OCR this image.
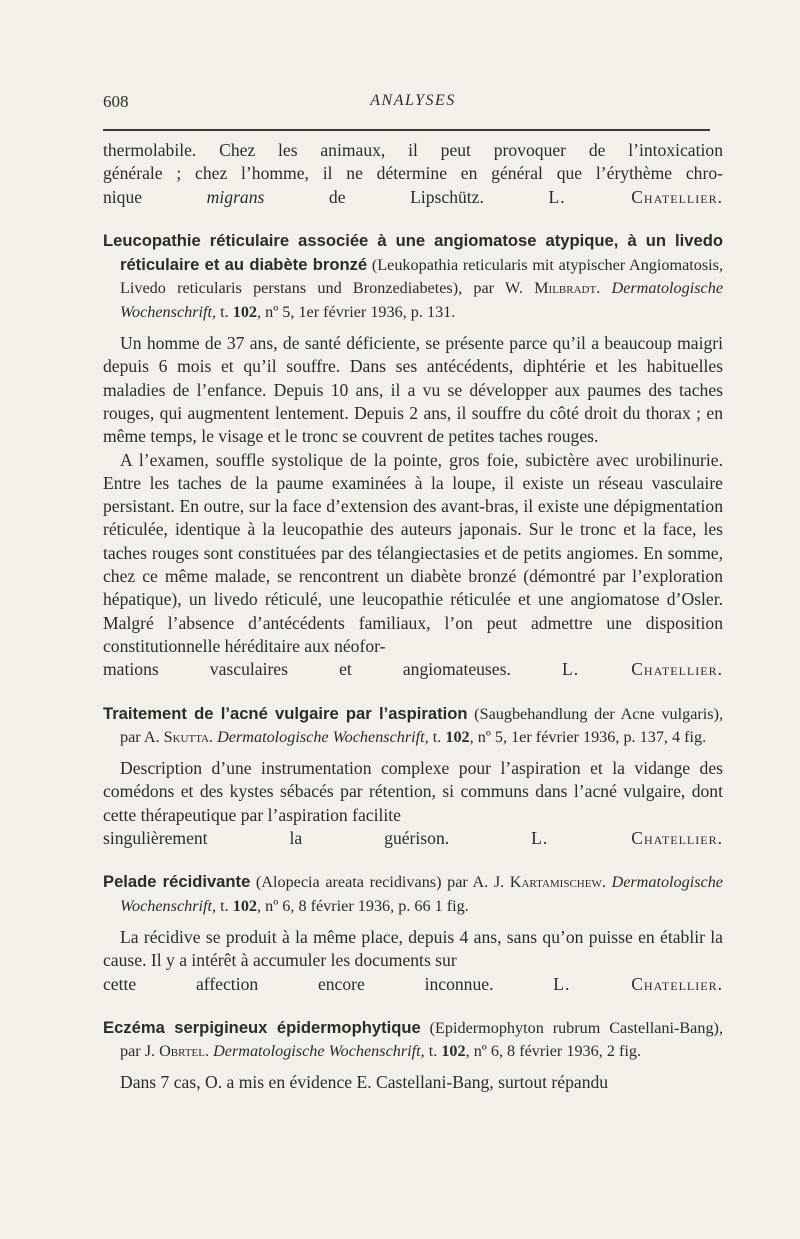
608	ANALYSES

thermolabile. Chez les animaux, il peut provoquer de l’intoxication

générale ; chez l’homme, il ne détermine en général que l’érythème chro-

nique migrans de Lipschütz.	L. Chatellier.

Leucopathie réticulaire associée à une angiomatose atypique, à un livedo réticulaire et au diabète bronzé (Leukopathia reticularis mit atypischer Angiomatosis, Livedo reticularis perstans und Bronzediabetes), par W. Milbradt. Dermatologische Wochenschrift, t. 102, nº 5, 1er février 1936, p. 131.

Un homme de 37 ans, de santé déficiente, se présente parce qu’il a beaucoup maigri depuis 6 mois et qu’il souffre. Dans ses antécédents, diphtérie et les habituelles maladies de l’enfance. Depuis 10 ans, il a vu se développer aux paumes des taches rouges, qui augmentent lentement. Depuis 2 ans, il souffre du côté droit du thorax ; en même temps, le visage et le tronc se couvrent de petites taches rouges.

A l’examen, souffle systolique de la pointe, gros foie, subictère avec urobilinurie. Entre les taches de la paume examinées à la loupe, il existe un réseau vasculaire persistant. En outre, sur la face d’extension des avant-bras, il existe une dépigmentation réticulée, identique à la leucopathie des auteurs japonais. Sur le tronc et la face, les taches rouges sont constituées par des télangiectasies et de petits angiomes. En somme, chez ce même malade, se rencontrent un diabète bronzé (démontré par l’exploration hépatique), un livedo réticulé, une leucopathie réticulée et une angiomatose d’Osler. Malgré l’absence d’antécédents familiaux, l’on peut admettre une disposition constitutionnelle héréditaire aux néofor-

mations vasculaires et angiomateuses.	L. Chatellier.

Traitement de l’acné vulgaire par l’aspiration (Saugbehandlung der Acne vulgaris), par A. Skutta. Dermatologische Wochenschrift, t. 102, nº 5, 1er février 1936, p. 137, 4 fig.

Description d’une instrumentation complexe pour l’aspiration et la vidange des comédons et des kystes sébacés par rétention, si communs dans l’acné vulgaire, dont cette thérapeutique par l’aspiration facilite

singulièrement la guérison.	L. Chatellier.

Pelade récidivante (Alopecia areata recidivans) par A. J. Kartamischew. Dermatologische Wochenschrift, t. 102, nº 6, 8 février 1936, p. 66 1 fig.

La récidive se produit à la même place, depuis 4 ans, sans qu’on puisse en établir la cause. Il y a intérêt à accumuler les documents sur

cette affection encore inconnue.	L. Chatellier.

Eczéma serpigineux épidermophytique (Epidermophyton rubrum Castellani-Bang), par J. Obrtel. Dermatologische Wochenschrift, t. 102, nº 6, 8 février 1936, 2 fig.

Dans 7 cas, O. a mis en évidence E. Castellani-Bang, surtout répandu
